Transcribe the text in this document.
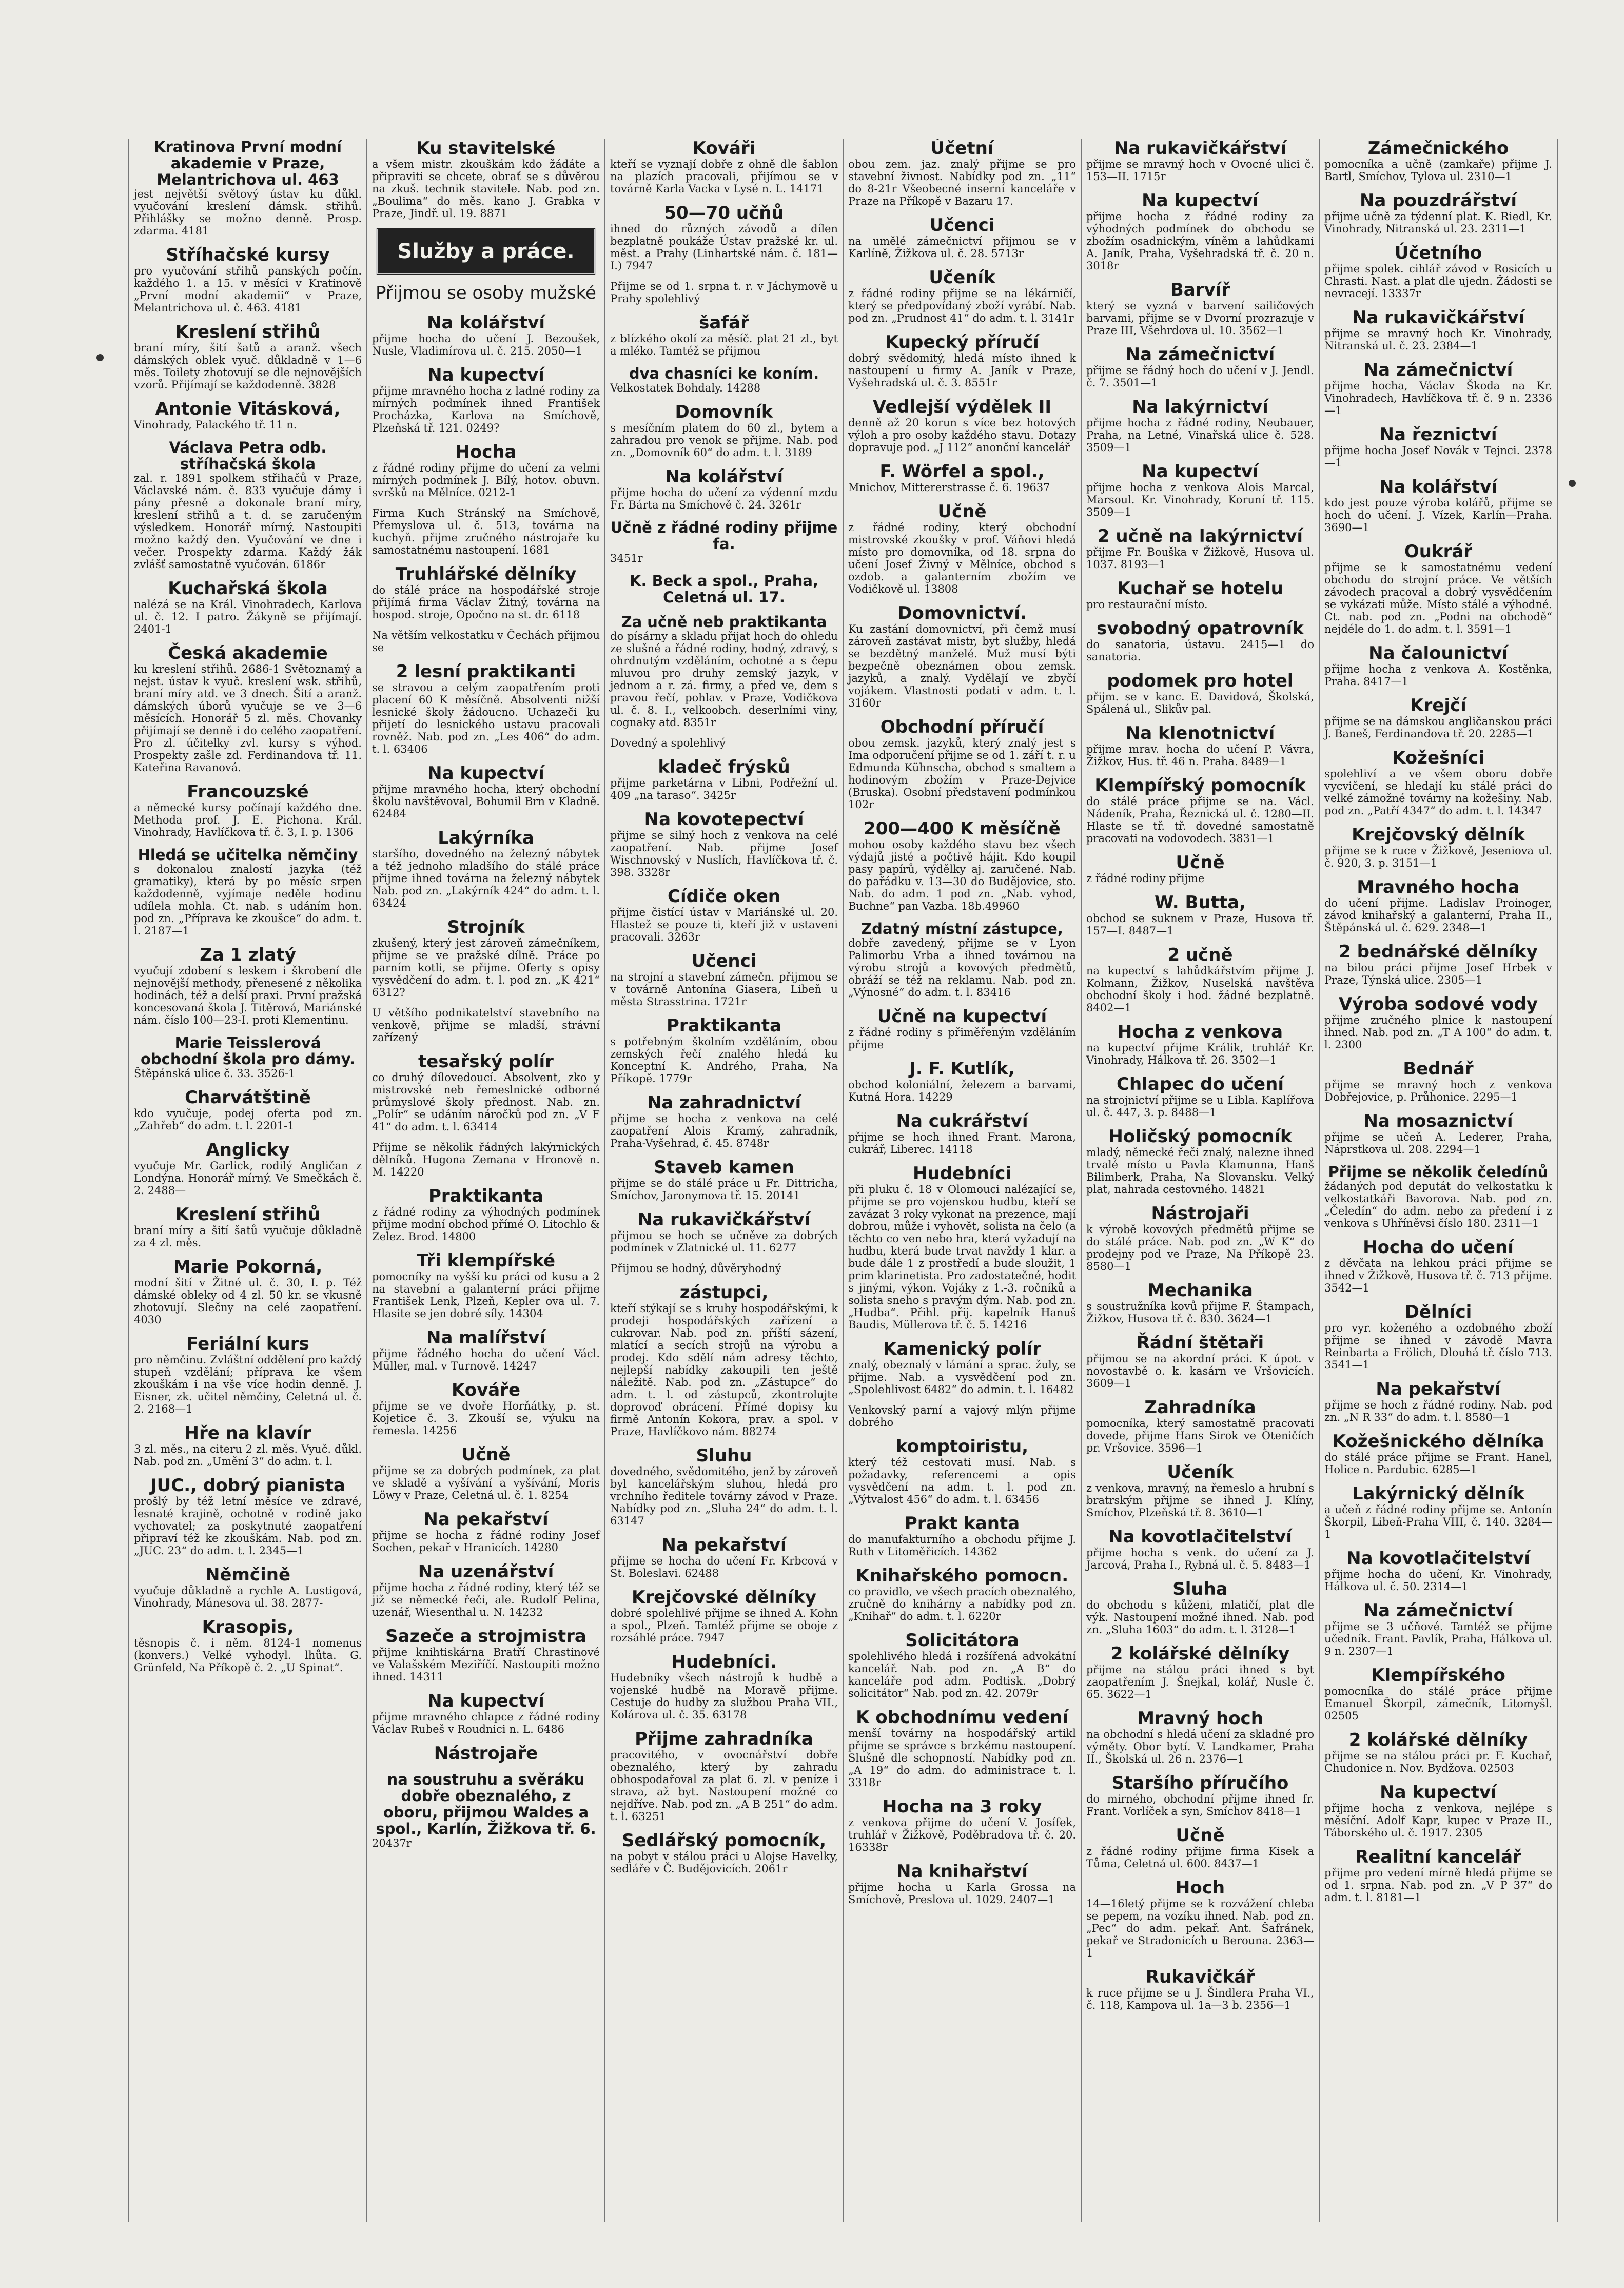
Kratinova První modní akademie v Praze, Melantrichova ul. 463
jest největší světový ústav ku důkl. vyučování kreslení dámsk. střihů. Přihlášky se možno denně. Prosp. zdarma. 4181
Stříhačské kursy
pro vyučování střihů panských počín. každého 1. a 15. v měsíci v Kratinově „První modní akademii“ v Praze, Melantrichova ul. č. 463. 4181
Kreslení střihů
braní míry, šití šatů a aranž. všech dámských oblek vyuč. důkladně v 1—6 měs. Toilety zhotovují se dle nejnovějších vzorů. Přijímají se každodenně. 3828
Antonie Vitásková,
Vinohrady, Palackého tř. 11 n.
Václava Petra odb. stříhačská škola
zal. r. 1891 spolkem střihačů v Praze, Václavské nám. č. 833 vyučuje dámy i pány přesně a dokonale braní míry, kreslení střihů a t. d. se zaručeným výsledkem. Honorář mírný. Nastoupiti možno každý den. Vyučování ve dne i večer. Prospekty zdarma. Každý žák zvlášť samostatně vyučován. 6186r
Kuchařská škola
nalézá se na Král. Vinohradech, Karlova ul. č. 12. I patro. Žákyně se přijímají. 2401-1
Česká akademie
ku kreslení střihů. 2686-1 Světoznamý a nejst. ústav k vyuč. kreslení wsk. střihů, braní míry atd. ve 3 dnech. Šití a aranž. dámských úborů vyučuje se ve 3—6 měsících. Honorář 5 zl. měs. Chovanky přijímají se denně i do celého zaopatření. Pro zl. účitelky zvl. kursy s výhod. Prospekty zašle zd. Ferdinandova tř. 11. Kateřina Ravanová.
Francouzské
a německé kursy počínají každého dne. Methoda prof. J. E. Pichona. Král. Vinohrady, Havlíčkova tř. č. 3, I. p. 1306
Hledá se učitelka němčiny
s dokonalou znalostí jazyka (též gramatiky), která by po měsíc srpen každodenně, vyjímaje neděle hodinu udílela mohla. Ct. nab. s udáním hon. pod zn. „Příprava ke zkoušce“ do adm. t. l. 2187—1
Za 1 zlatý
vyučují zdobení s leskem i škrobení dle nejnovější methody, přenesené z několika hodinách, též a delší praxi. První pražská koncesovaná škola J. Titěrová, Mariánské nám. číslo 100—23-I. proti Klementinu.
Marie Teisslerová obchodní škola pro dámy.
Štěpánská ulice č. 33. 3526-1
Charvátštině
kdo vyučuje, podej oferta pod zn. „Zahřeb“ do adm. t. l. 2201-1
Anglicky
vyučuje Mr. Garlick, rodilý Angličan z Londýna. Honorář mírný. Ve Smečkách č. 2. 2488—
Kreslení střihů
braní míry a šití šatů vyučuje důkladně za 4 zl. měs.
Marie Pokorná,
modní šití v Žitné ul. č. 30, I. p. Též dámské obleky od 4 zl. 50 kr. se vkusně zhotovují. Slečny na celé zaopatření. 4030
Feriální kurs
pro němčinu. Zvláštní oddělení pro každý stupeň vzdělání; příprava ke všem zkouškám i na vše více hodin denně. J. Eisner, zk. učitel němčiny, Celetná ul. č. 2. 2168—1
Hře na klavír
3 zl. měs., na citeru 2 zl. měs. Vyuč. důkl. Nab. pod zn. „Umění 3“ do adm. t. l.
JUC., dobrý pianista
prošlý by též letní měsíce ve zdravé, lesnaté krajině, ochotně v rodině jako vychovatel; za poskytnuté zaopatření připraví též ke zkouškám. Nab. pod zn. „JUC. 23“ do adm. t. l. 2345—1
Němčině
vyučuje důkladně a rychle A. Lustigová, Vinohrady, Mánesova ul. 38. 2877-
Krasopis,
těsnopis č. i něm. 8124-1 nomenus (konvers.) Velké vyhodyl. lhůta. G. Grünfeld, Na Příkopě č. 2. „U Spinat“.
Ku stavitelské
a všem mistr. zkouškám kdo žádáte a připraviti se chcete, obrať se s důvěrou na zkuš. technik stavitele. Nab. pod zn. „Boulima“ do měs. kano J. Grabka v Praze, Jindř. ul. 19. 8871
Služby a práce.
Přijmou se osoby mužské
Na kolářství
přijme hocha do učení J. Bezoušek, Nusle, Vladimírova ul. č. 215. 2050—1
Na kupectví
přijme mravného hocha z ladné rodiny za mírných podmínek ihned František Procházka, Karlova na Smíchově, Plzeňská tř. 121. 0249?
Hocha
z řádné rodiny přijme do učení za velmi mírných podmínek J. Bílý, hotov. obuvn. svršků na Mělníce. 0212-1
Firma Kuch Stránský na Smíchově, Přemyslova ul. č. 513, továrna na kuchyň. přijme zručného nástrojaře ku samostatnému nastoupení. 1681
Truhlářské dělníky
do stálé práce na hospodářské stroje přijímá firma Václav Žitný, továrna na hospod. stroje, Opočno na st. dr. 6118
Na větším velkostatku v Čechách přijmou se
2 lesní praktikanti
se stravou a celým zaopatřením proti placení 60 K měsíčně. Absolventi nižší lesnické školy žádoucno. Uchazeči ku přijetí do lesnického ustavu pracovali rovněž. Nab. pod zn. „Les 406“ do adm. t. l. 63406
Na kupectví
přijme mravného hocha, který obchodní školu navštěvoval, Bohumil Brn v Kladně. 62484
Lakýrníka
staršího, dovedného na železný nábytek a též jednoho mladšího do stálé práce přijme ihned továrna na železný nábytek Nab. pod zn. „Lakýrník 424“ do adm. t. l. 63424
Strojník
zkušený, který jest zároveň zámečníkem, přijme se ve pražské dílně. Práce po parním kotli, se přijme. Oferty s opisy vysvědčení do adm. t. l. pod zn. „K 421“ 6312?
U většího podnikatelství stavebního na venkově, přijme se mladší, strávní zařízený
tesařský polír
co druhý dílovedoucí. Absolvent, zko y mistrovské neb řemeslnické odborné průmyslové školy přednost. Nab. zn. „Polír“ se udáním náročků pod zn. „V F 41“ do adm. t. l. 63414
Přijme se několik řádných lakýrnických dělníků. Hugona Zemana v Hronově n. M. 14220
Praktikanta
z řádné rodiny za výhodných podmínek přijme modní obchod přímé O. Litochlo & Zelez. Brod. 14800
Tři klempířské
pomocníky na vyšší ku práci od kusu a 2 na stavební a galanterní práci přijme František Lenk, Plzeň, Kepler ova ul. 7. Hlasite se jen dobré síly. 14304
Na malířství
přijme řádného hocha do učení Václ. Müller, mal. v Turnově. 14247
Kováře
přijme se ve dvoře Horňátky, p. st. Kojetice č. 3. Zkouší se, výuku na řemesla. 14256
Učně
přijme se za dobrých podmínek, za plat ve skladě a vyšívání a vyšívání, Moris Löwy v Praze, Celetná ul. č. 1. 8254
Na pekařství
přijme se hocha z řádné rodiny Josef Sochen, pekař v Hranicích. 14280
Na uzenářství
přijme hocha z řádné rodiny, který též se již se německé řeči, ale. Rudolf Pelina, uzenář, Wiesenthal u. N. 14232
Sazeče a strojmistra
přijme knihtiskárna Bratří Chrastinové ve Valašském Meziříčí. Nastoupiti možno ihned. 14311
Na kupectví
přijme mravného chlapce z řádné rodiny Václav Rubeš v Roudnici n. L. 6486
Nástrojaře
na soustruhu a svěráku dobře obeznalého, z oboru, přijmou Waldes a spol., Karlín, Žižkova tř. 6.
20437r
Kováři
kteří se vyznají dobře z ohně dle šablon na plazích pracovali, přijímou se v továrně Karla Vacka v Lysé n. L. 14171
50—70 učňů
ihned do různých závodů a dílen bezplatně poukáže Ústav pražské kr. ul. měst. a Prahy (Linhartské nám. č. 181—I.) 7947
Přijme se od 1. srpna t. r. v Jáchymově u Prahy spolehlivý
šafář
z blízkého okolí za měsíč. plat 21 zl., byt a mléko. Tamtéž se přijmou
dva chasníci ke koním.
Velkostatek Bohdaly. 14288
Domovník
s mesíčním platem do 60 zl., bytem a zahradou pro venok se přijme. Nab. pod zn. „Domovník 60“ do adm. t. l. 3189
Na kolářství
přijme hocha do učení za výdenní mzdu Fr. Bárta na Smíchově č. 24. 3261r
Učně z řádné rodiny přijme fa.
3451r
K. Beck a spol., Praha, Celetná ul. 17.
Za učně neb praktikanta
do písárny a skladu přijat hoch do ohledu ze slušné a řádné rodiny, hodný, zdravý, s ohrdnutým vzděláním, ochotné a s čepu mluvou pro druhy zemský jazyk, v jednom a r. zá. firmy, a před ve, dem s pravou řečí, pohlav. v Praze, Vodičkova ul. č. 8. I., velkoobch. deserlními viny, cognaky atd. 8351r
Dovedný a spolehlivý
kladeč frýsků
přijme parketárna v Libni, Podřežní ul. 409 „na taraso“. 3425r
Na kovotepectví
přijme se silný hoch z venkova na celé zaopatření. Nab. přijme Josef Wischnovský v Nuslích, Havlíčkova tř. č. 398. 3328r
Cídiče oken
přijme čistící ústav v Mariánské ul. 20. Hlastež se pouze ti, kteří již v ustaveni pracovali. 3263r
Učenci
na strojní a stavební zámečn. přijmou se v továrně Antonína Giasera, Libeň u města Strasstrina. 1721r
Praktikanta
s potřebným školním vzděláním, obou zemských řečí znalého hledá ku Konceptní K. Andrého, Praha, Na Příkopě. 1779r
Na zahradnictví
přijme se hocha z venkova na celé zaopatření Alois Kramý, zahradník, Praha-Vyšehrad, č. 45. 8748r
Staveb kamen
přijme se do stálé práce u Fr. Dittricha, Smíchov, Jaronymova tř. 15. 20141
Na rukavičkářství
přijmou se hoch se učněve za dobrých podmínek v Zlatnické ul. 11. 6277
Přijmou se hodný, důvěryhodný
zástupci,
kteří stýkají se s kruhy hospodářskými, k prodeji hospodářských zařízení a cukrovar. Nab. pod zn. příští sázení, mlatící a secích strojů na výrobu a prodej. Kdo sdělí nám adresy těchto, nejlepší nabídky zakoupili ten ještě náležitě. Nab. pod zn. „Zástupce“ do adm. t. l. od zástupců, zkontrolujte doprovoď obrácení. Přímé dopisy ku firmě Antonín Kokora, prav. a spol. v Praze, Havlíčkovo nám. 88274
Sluhu
dovedného, svědomitého, jenž by zároveň byl kancelářským sluhou, hledá pro vrchního ředitele továrny závod v Praze. Nabídky pod zn. „Sluha 24“ do adm. t. l. 63147
Na pekařství
přijme se hocha do učení Fr. Krbcová v St. Boleslavi. 62488
Krejčovské dělníky
dobré spolehlivé přijme se ihned A. Kohn a spol., Plzeň. Tamtéž přijme se oboje z rozsáhlé práce. 7947
Hudebníci.
Hudebníky všech nástrojů k hudbě a vojenské hudbě na Moravě přijme. Cestuje do hudby za službou Praha VII., Kolárova ul. č. 35. 63178
Přijme zahradníka
pracovitého, v ovocnářství dobře obeznalého, který by zahradu obhospodařoval za plat 6. zl. v peníze i strava, až byt. Nastoupení možné co nejdříve. Nab. pod zn. „A B 251“ do adm. t. l. 63251
Sedlářský pomocník,
na pobyt v stálou práci u Alojse Havelky, sedláře v Č. Budějovicích. 2061r
Účetní
obou zem. jaz. znalý přijme se pro stavební živnost. Nabídky pod zn. „11“ do 8-21r Všeobecné inserní kanceláře v Praze na Příkopě v Bazaru 17.
Učenci
na umělé zámečnictví přijmou se v Karlíně, Žižkova ul. č. 28. 5713r
Učeník
z řádné rodiny přijme se na lékárničí, který se předpovídaný zboží vyrábí. Nab. pod zn. „Prudnost 41“ do adm. t. l. 3141r
Kupecký příručí
dobrý svědomitý, hledá místo ihned k nastoupení u firmy A. Janík v Praze, Vyšehradská ul. č. 3. 8551r
Vedlejší výdělek II
denně až 20 korun s více bez hotových výloh a pro osoby každého stavu. Dotazy dopravuje pod. „J 112“ anonční kancelář
F. Wörfel a spol.,
Mnichov, Mittererstrasse č. 6. 19637
Učně
z řádné rodiny, který obchodní mistrovské zkoušky v prof. Váňovi hledá místo pro domovníka, od 18. srpna do učení Josef Živný v Mělníce, obchod s ozdob. a galanterním zbožím ve Vodičkově ul. 13808
Domovnictví.
Ku zastání domovnictví, při čemž musí zároveň zastávat mistr, byt služby, hledá se bezdětný manželé. Muž musí býti bezpečně obeznámen obou zemsk. jazyků, a znalý. Vydělají ve zbyčí vojákem. Vlastnosti podati v adm. t. l. 3160r
Obchodní příručí
obou zemsk. jazyků, který znalý jest s Ima odporučení přijme se od 1. září t. r. u Edmunda Kühnscha, obchod s smaltem a hodinovým zbožím v Praze-Dejvice (Bruska). Osobní představení podmínkou 102r
200—400 K měsíčně
mohou osoby každého stavu bez všech výdajů jisté a počtivě hájit. Kdo koupil pasy papírů, výdělky aj. zaručené. Nab. do pařádku v. 13—30 do Budějovice, sto. Nab. do adm. 1 pod zn. „Nab. vyhod, Buchne“ pan Vazba. 18b.49960
Zdatný místní zástupce,
dobře zavedený, přijme se v Lyon Palimorbu Vrba a ihned továrnou na výrobu strojů a kovových předmětů, obráží se též na reklamu. Nab. pod zn. „Výnosné“ do adm. t. l. 83416
Učně na kupectví
z řádné rodiny s přiměřeným vzděláním přijme
J. F. Kutlík,
obchod koloniální, železem a barvami, Kutná Hora. 14229
Na cukrářství
přijme se hoch ihned Frant. Marona, cukrář, Liberec. 14118
Hudebníci
při pluku č. 18 v Olomouci nalézající se, přijme se pro vojenskou hudbu, kteří se zavázat 3 roky vykonat na prezence, mají dobrou, může i vyhovět, solista na čelo (a těchto co ven nebo hra, která vyžadují na hudbu, která bude trvat navždy 1 klar. a bude dále 1 z prostředí a bude sloužit, 1 prim klarinetista. Pro zadostatečné, hodit s jinými, výkon. Vojáky z 1.-3. ročníků a solista sneho s pravým dým. Nab. pod zn. „Hudba“. Přihl. přij. kapelník Hanuš Baudis, Müllerova tř. č. 5. 14216
Kamenický polír
znalý, obeznalý v lámání a sprac. žuly, se přijme. Nab. a vysvědčení pod zn. „Spolehlivost 6482“ do admin. t. l. 16482
Venkovský parní a vajový mlýn přijme dobrého
komptoiristu,
který též cestovati musí. Nab. s požadavky, referencemi a opis vysvědčení na adm. t. l. pod zn. „Výtvalost 456“ do adm. t. l. 63456
Prakt kanta
do manufakturního a obchodu přijme J. Ruth v Litoměřicích. 14362
Knihařského pomocn.
co pravidlo, ve všech pracích obeznalého, zručně do knihárny a nabídky pod zn. „Knihař“ do adm. t. l. 6220r
Solicitátora
spolehlivého hledá i rozšířená advokátní kancelář. Nab. pod zn. „A B“ do kanceláře pod adm. Podtisk. „Dobrý solicitátor“ Nab. pod zn. 42. 2079r
K obchodnímu vedení
menší továrny na hospodářský artikl přijme se správce s brzkému nastoupení. Slušně dle schopností. Nabídky pod zn. „A 19“ do adm. do administrace t. l. 3318r
Hocha na 3 roky
z venkova přijme do učení V. Josífek, truhlář v Žižkově, Poděbradova tř. č. 20. 16338r
Na knihařství
přijme hocha u Karla Grossa na Smíchově, Preslova ul. 1029. 2407—1
Na rukavičkářství
přijme se mravný hoch v Ovocné ulici č. 153—II. 1715r
Na kupectví
přijme hocha z řádné rodiny za výhodných podmínek do obchodu se zbožím osadnickým, víněm a lahůdkami A. Janík, Praha, Vyšehradská tř. č. 20 n. 3018r
Barvíř
který se vyzná v barvení sailičových barvami, přijme se v Dvorní prozrazuje v Praze III, Všehrdova ul. 10. 3562—1
Na zámečnictví
přijme se řádný hoch do učení v J. Jendl. č. 7. 3501—1
Na lakýrnictví
přijme hocha z řádné rodiny, Neubauer, Praha, na Letné, Vinařská ulice č. 528. 3509—1
Na kupectví
přijme hocha z venkova Alois Marcal, Marsoul. Kr. Vinohrady, Koruní tř. 115. 3509—1
2 učně na lakýrnictví
přijme Fr. Bouška v Žižkově, Husova ul. 1037. 8193—1
Kuchař se hotelu
pro restaurační místo.
svobodný opatrovník
do sanatoria, ústavu. 2415—1 do sanatoria.
podomek pro hotel
přijm. se v kanc. E. Davidová, Školská, Spálená ul., Slikův pal.
Na klenotnictví
přijme mrav. hocha do učení P. Vávra, Žižkov, Hus. tř. 46 n. Praha. 8489—1
Klempířský pomocník
do stálé práce přijme se na. Václ. Nádeník, Praha, Řeznická ul. č. 1280—II. Hlaste se tř. tř. dovedné samostatně pracovati na vodovodech. 3831—1
Učně
z řádné rodiny přijme
W. Butta,
obchod se suknem v Praze, Husova tř. 157—I. 8487—1
2 učně
na kupectví s lahůdkářstvím přijme J. Kolmann, Žižkov, Nuselská navštěva obchodní školy i hod. žádné bezplatně. 8402—1
Hocha z venkova
na kupectví přijme Králik, truhlář Kr. Vinohrady, Hálkova tř. 26. 3502—1
Chlapec do učení
na strojnictví přijme se u Libla. Kaplířova ul. č. 447, 3. p. 8488—1
Holičský pomocník
mladý, německé řeči znalý, nalezne ihned trvalé místo u Pavla Klamunna, Hanš Bilimberk, Praha, Na Slovansku. Velký plat, nahrada cestovného. 14821
Nástrojaři
k výrobě kovových předmětů přijme se do stálé práce. Nab. pod zn. „W K“ do prodejny pod ve Praze, Na Příkopě 23. 8580—1
Mechanika
s soustružníka kovů přijme F. Štampach, Žižkov, Husova tř. č. 830. 3624—1
Řádní štětaři
přijmou se na akordní práci. K úpot. v novostavbě o. k. kasárn ve Vršovicích. 3609—1
Zahradníka
pomocníka, který samostatně pracovati dovede, přijme Hans Sirok ve Oteničích pr. Vršovice. 3596—1
Učeník
z venkova, mravný, na řemeslo a hrubní s bratrským přijme se ihned J. Klíny, Smíchov, Plzeňská tř. 8. 3610—1
Na kovotlačitelství
přijme hocha s venk. do učení za J. Jarcová, Praha I., Rybná ul. č. 5. 8483—1
Sluha
do obchodu s kůženi, mlatičí, plat dle výk. Nastoupení možné ihned. Nab. pod zn. „Sluha 1603“ do adm. t. l. 3128—1
2 kolářské dělníky
přijme na stálou práci ihned s byt zaopatřením J. Šnejkal, kolář, Nusle č. 65. 3622—1
Mravný hoch
na obchodní s hledá učení za skladné pro výměty. Obor bytí. V. Landkamer, Praha II., Školská ul. 26 n. 2376—1
Staršího příručího
do mirného, obchodní přijme ihned fr. Frant. Vorlíček a syn, Smíchov 8418—1
Učně
z řádné rodiny přijme firma Kisek a Tůma, Celetná ul. 600. 8437—1
Hoch
14—16letý přijme se k rozvážení chleba se pepem, na vozíku ihned. Nab. pod zn. „Pec“ do adm. pekař. Ant. Šafránek, pekař ve Stradonicích u Berouna. 2363—1
Rukavičkář
k ruce přijme se u J. Šindlera Praha VI., č. 118, Kampova ul. 1a—3 b. 2356—1
Zámečnického
pomocníka a učně (zamkaře) přijme J. Bartl, Smíchov, Tylova ul. 2310—1
Na pouzdrářství
přijme učně za týdenní plat. K. Riedl, Kr. Vinohrady, Nitranská ul. 23. 2311—1
Účetního
přijme spolek. cihlář závod v Rosicích u Chrasti. Nast. a plat dle ujedn. Žádosti se nevracejí. 13337r
Na rukavičkářství
přijme se mravný hoch Kr. Vinohrady, Nitranská ul. č. 23. 2384—1
Na zámečnictví
přijme hocha, Václav Škoda na Kr. Vinohradech, Havlíčkova tř. č. 9 n. 2336—1
Na řeznictví
přijme hocha Josef Novák v Tejnci. 2378—1
Na kolářství
kdo jest pouze výroba kolářů, přijme se hoch do učení. J. Vízek, Karlín—Praha. 3690—1
Oukrář
přijme se k samostatnému vedení obchodu do strojní práce. Ve větších závodech pracoval a dobrý vysvědčením se vykázati může. Místo stálé a výhodné. Ct. nab. pod zn. „Podni na obchodě“ nejdéle do 1. do adm. t. l. 3591—1
Na čalounictví
přijme hocha z venkova A. Kostěnka, Praha. 8417—1
Krejčí
přijme se na dámskou angličanskou práci J. Baneš, Ferdinandova tř. 20. 2285—1
Kožešníci
spolehliví a ve všem oboru dobře vycvičení, se hledají ku stálé práci do velké zámožné továrny na kožešiny. Nab. pod zn. „Patří 4347“ do adm. t. l. 14347
Krejčovský dělník
přijme se k ruce v Žižkově, Jeseniova ul. č. 920, 3. p. 3151—1
Mravného hocha
do učení přijme. Ladislav Proinoger, závod knihařský a galanterní, Praha II., Štěpánská ul. č. 629. 2348—1
2 bednářské dělníky
na bilou práci přijme Josef Hrbek v Praze, Týnská ulice. 2305—1
Výroba sodové vody
přijme zručného plnice k nastoupení ihned. Nab. pod zn. „T A 100“ do adm. t. l. 2300
Bednář
přijme se mravný hoch z venkova Dobřejovice, p. Průhonice. 2295—1
Na mosaznictví
přijme se učeň A. Lederer, Praha, Náprstkova ul. 208. 2294—1
Přijme se několik čeledínů
žádaných pod deputát do velkostatku k velkostatkáři Bavorova. Nab. pod zn. „Čeledín“ do adm. nebo za předení i z venkova s Uhříněvsi číslo 180. 2311—1
Hocha do učení
z děvčata na lehkou práci přijme se ihned v Žižkově, Husova tř. č. 713 přijme. 3542—1
Dělníci
pro vyr. koženého a ozdobného zboží přijme se ihned v závodě Mavra Reinbarta a Frölich, Dlouhá tř. číslo 713. 3541—1
Na pekařství
přijme se hoch z řádné rodiny. Nab. pod zn. „N R 33“ do adm. t. l. 8580—1
Kožešnického dělníka
do stálé práce přijme se Frant. Hanel, Holice n. Pardubic. 6285—1
Lakýrnický dělník
a učeň z řádné rodiny přijme se. Antonín Škorpil, Libeň-Praha VIII, č. 140. 3284—1
Na kovotlačitelství
přijme hocha do učení, Kr. Vinohrady, Hálkova ul. č. 50. 2314—1
Na zámečnictví
přijme se 3 učňové. Tamtéž se přijme učedník. Frant. Pavlík, Praha, Hálkova ul. 9 n. 2307—1
Klempířského
pomocníka do stálé práce přijme Emanuel Škorpil, zámečník, Litomyšl. 02505
2 kolářské dělníky
přijme se na stálou práci pr. F. Kuchař, Chudonice n. Nov. Bydžova. 02503
Na kupectví
přijme hocha z venkova, nejlépe s měsíční. Adolf Kapr, kupec v Praze II., Táborského ul. č. 1917. 2305
Realitní kancelář
přijme pro vedení mírně hledá přijme se od 1. srpna. Nab. pod zn. „V P 37“ do adm. t. l. 8181—1
